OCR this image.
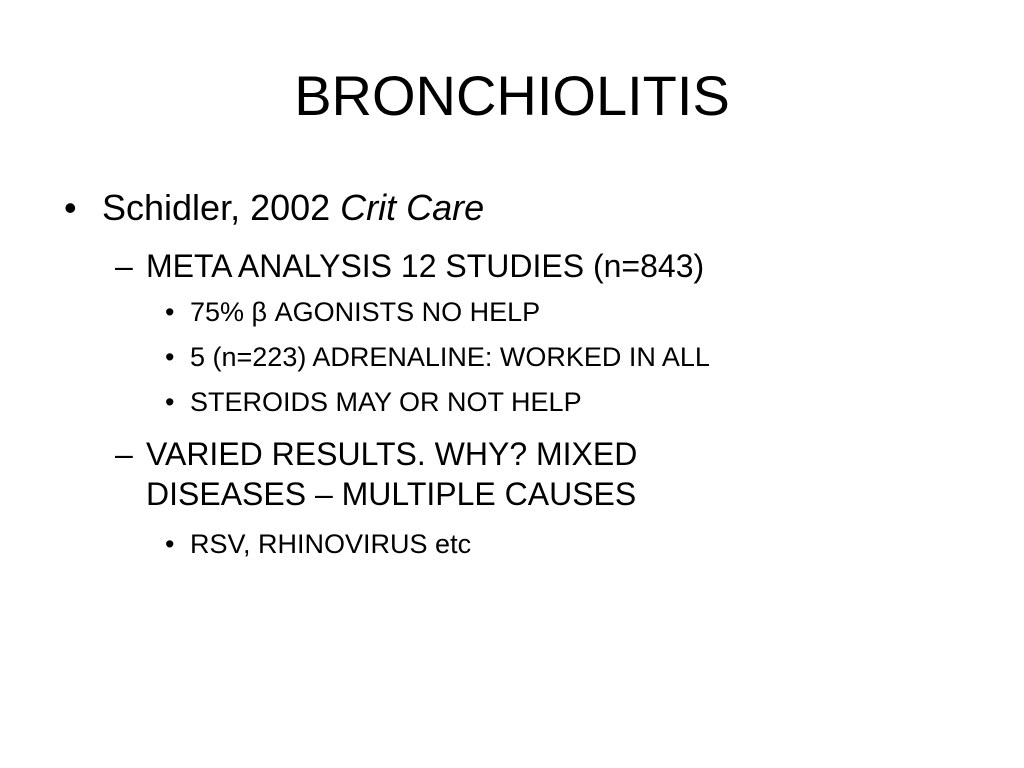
BRONCHIOLITIS
• Schidler, 2002 Crit Care
– META ANALYSIS 12 STUDIES (n=843)
• 75% β AGONISTS NO HELP
• 5 (n=223) ADRENALINE: WORKED IN ALL
• STEROIDS MAY OR NOT HELP
– VARIED RESULTS. WHY? MIXED
DISEASES – MULTIPLE CAUSES
• RSV, RHINOVIRUS etc
